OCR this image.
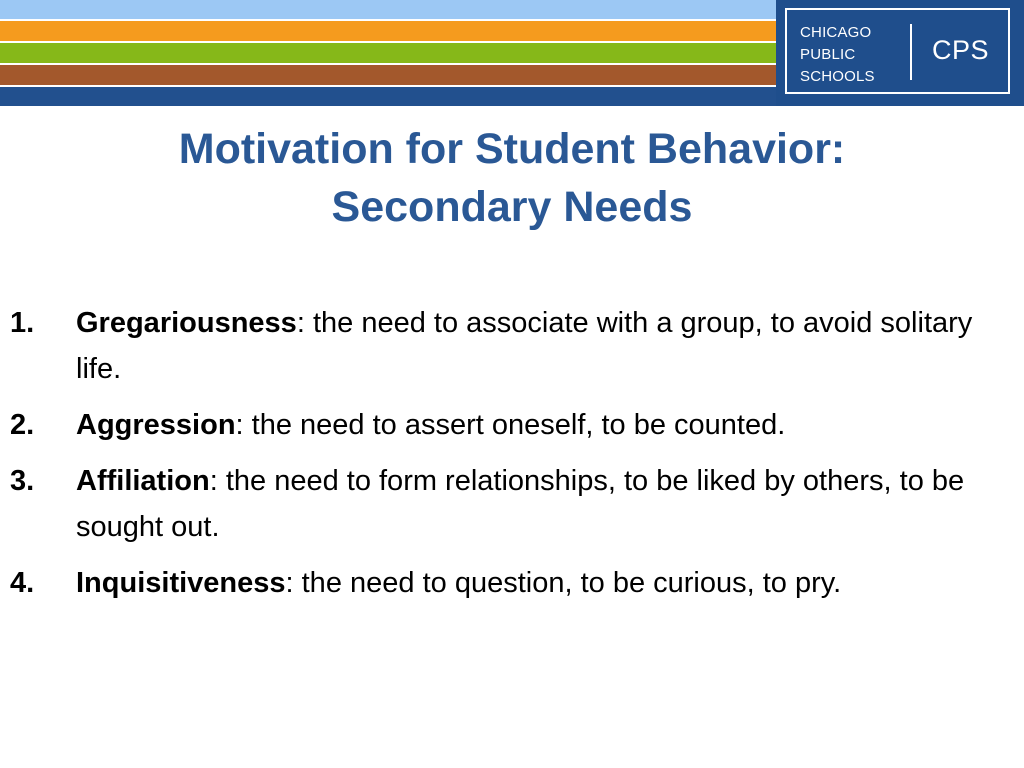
CHICAGO
PUBLIC
SCHOOLS
CPS
Motivation for Student Behavior:
Secondary Needs
1. Gregariousness: the need to associate with a group, to avoid solitary life.
2. Aggression: the need to assert oneself, to be counted.
3. Affiliation: the need to form relationships, to be liked by others, to be sought out.
4. Inquisitiveness: the need to question, to be curious, to pry.
